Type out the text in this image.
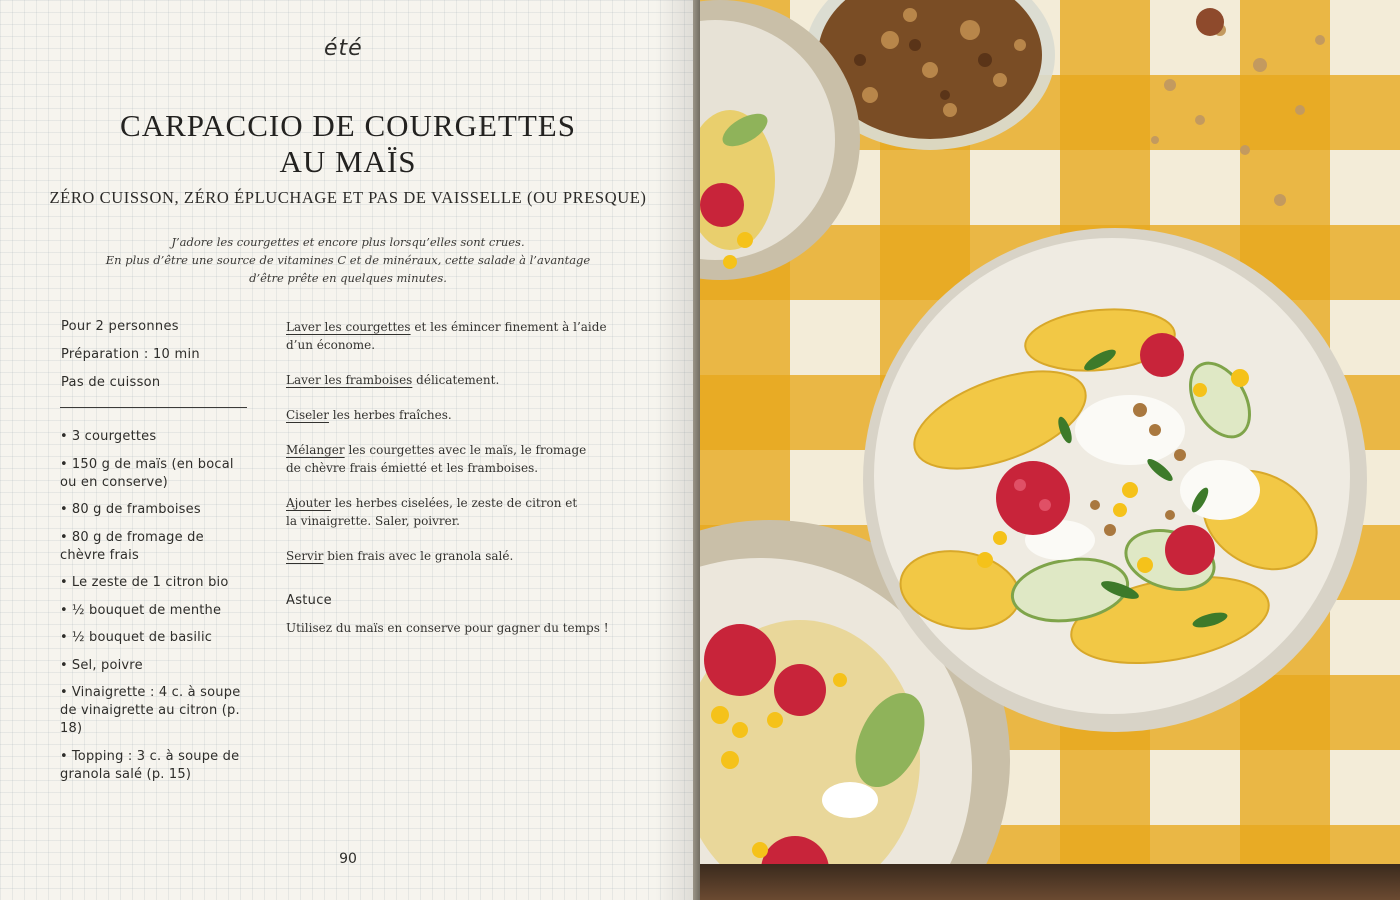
été
CARPACCIO DE COURGETTES
AU MAÏS
ZÉRO CUISSON, ZÉRO ÉPLUCHAGE ET PAS DE VAISSELLE (OU PRESQUE)
J’adore les courgettes et encore plus lorsqu’elles sont crues.
En plus d’être une source de vitamines C et de minéraux, cette salade à l’avantage
d’être prête en quelques minutes.
Pour 2 personnes
Préparation : 10 min
Pas de cuisson
• 3 courgettes
• 150 g de maïs (en bocal ou en conserve)
• 80 g de framboises
• 80 g de fromage de chèvre frais
• Le zeste de 1 citron bio
• ½ bouquet de menthe
• ½ bouquet de basilic
• Sel, poivre
• Vinaigrette : 4 c. à soupe de vinaigrette au citron (p. 18)
• Topping : 3 c. à soupe de granola salé (p. 15)

Laver les courgettes et les émincer finement à l’aide d’un économe.

Laver les framboises délicatement.

Ciseler les herbes fraîches.

Mélanger les courgettes avec le maïs, le fromage de chèvre frais émietté et les framboises.

Ajouter les herbes ciselées, le zeste de citron et la vinaigrette. Saler, poivrer.

Servir bien frais avec le granola salé.

Astuce
Utilisez du maïs en conserve pour gagner du temps !
90
